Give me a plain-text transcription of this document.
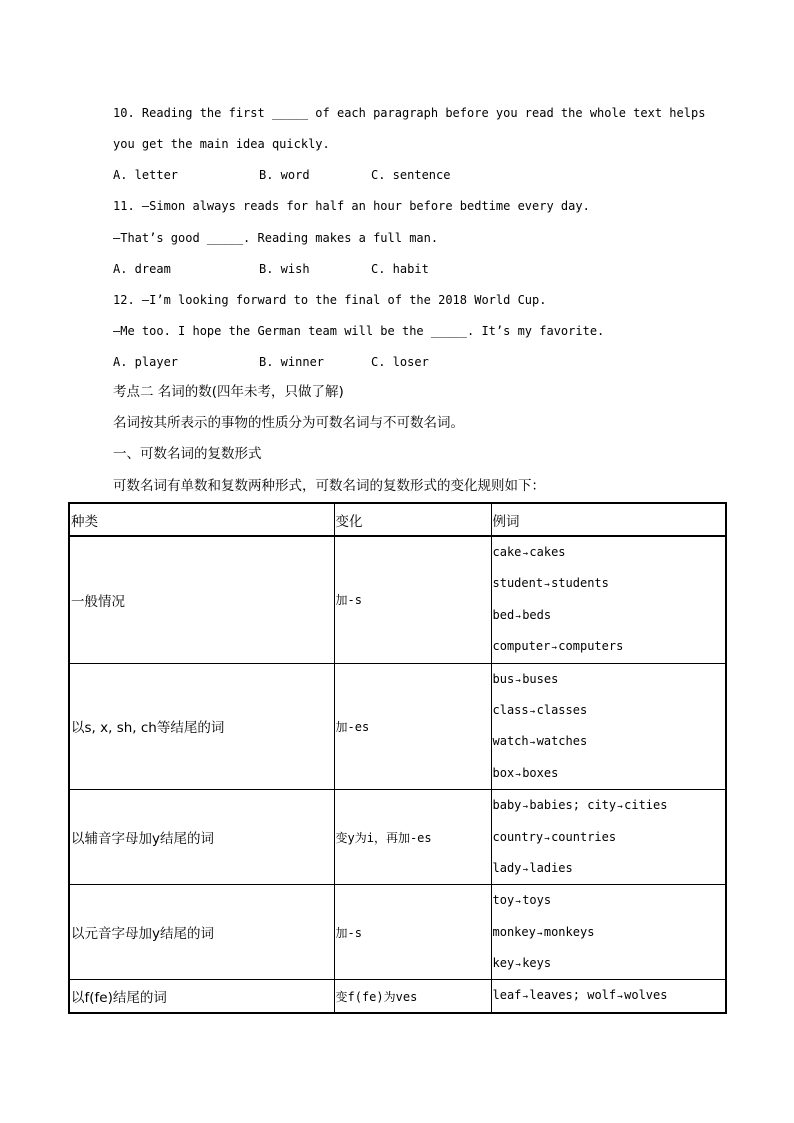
10. Reading the first _____ of each paragraph before you read the whole text helps
you get the main idea quickly.
A. letter	B. word	C. sentence
11. —Simon always reads for half an hour before bedtime every day.
—That’s good _____. Reading makes a full man.
A. dream	B. wish	C. habit
12. —I’m looking forward to the final of the 2018 World Cup.
—Me too. I hope the German team will be the _____. It’s my favorite.
A. player	B. winner	C. loser
考点二 名词的数(四年未考，只做了解)
名词按其所表示的事物的性质分为可数名词与不可数名词。
一、可数名词的复数形式
可数名词有单数和复数两种形式，可数名词的复数形式的变化规则如下：
种类	变化	例词
一般情况	加-s	cake→cakes
student→students
bed→beds
computer→computers

以s, x, sh, ch等结尾的词	加-es	bus→buses
class→classes
watch→watches
box→boxes

以辅音字母加y结尾的词	变y为i，再加-es	baby→babies; city→cities
country→countries
lady→ladies

以元音字母加y结尾的词	加-s	toy→toys
monkey→monkeys
key→keys

以f(fe)结尾的词	变f(fe)为ves	leaf→leaves; wolf→wolves
